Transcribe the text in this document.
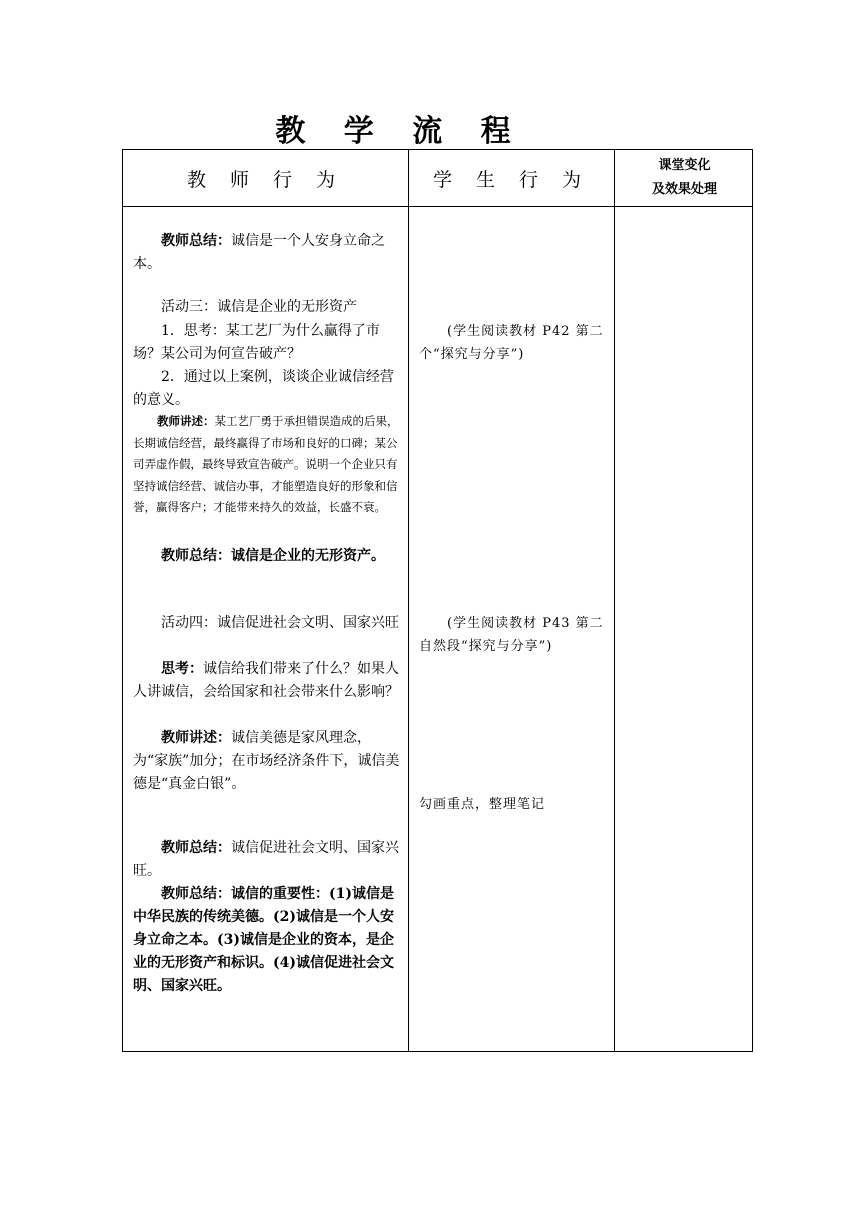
教 学 流 程
教 师 行 为	学 生 行 为
课堂变化
及效果处理

教师总结：诚信是一个人安身立命之本。

活动三：诚信是企业的无形资产

1．思考：某工艺厂为什么赢得了市场？某公司为何宣告破产？

2．通过以上案例，谈谈企业诚信经营的意义。

教师讲述：某工艺厂勇于承担错误造成的后果，长期诚信经营，最终赢得了市场和良好的口碑；某公司弄虚作假，最终导致宣告破产。说明一个企业只有坚持诚信经营、诚信办事，才能塑造良好的形象和信誉，赢得客户；才能带来持久的效益，长盛不衰。

教师总结：诚信是企业的无形资产。

活动四：诚信促进社会文明、国家兴旺

思考：诚信给我们带来了什么？如果人人讲诚信，会给国家和社会带来什么影响？

教师讲述：诚信美德是家风理念，为“家族”加分；在市场经济条件下，诚信美德是“真金白银”。

教师总结：诚信促进社会文明、国家兴旺。

教师总结：诚信的重要性：(1)诚信是中华民族的传统美德。(2)诚信是一个人安身立命之本。(3)诚信是企业的资本，是企业的无形资产和标识。(4)诚信促进社会文明、国家兴旺。

(学生阅读教材 P42 第二个“探究与分享”)

(学生阅读教材 P43 第二自然段“探究与分享”)

勾画重点，整理笔记
